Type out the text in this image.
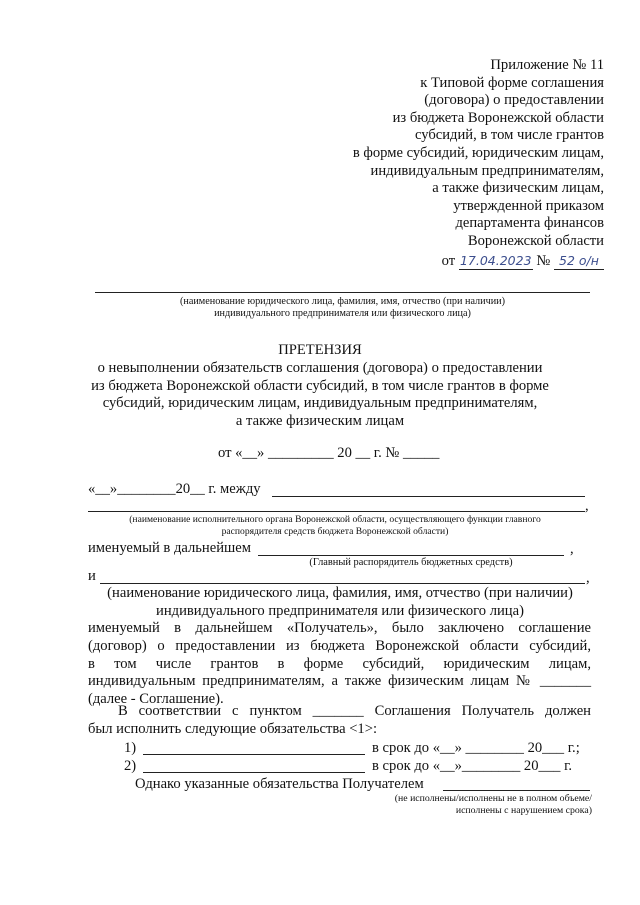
Приложение № 11
к Типовой форме соглашения
(договора) о предоставлении
из бюджета Воронежской области
субсидий, в том числе грантов
в форме субсидий, юридическим лицам,
индивидуальным предпринимателям,
а также физическим лицам,
утвержденной приказом
департамента финансов
Воронежской области
от 17.04.2023 № 52 о/н
(наименование юридического лица, фамилия, имя, отчество (при наличии)
индивидуального предпринимателя или физического лица)
ПРЕТЕНЗИЯ
о невыполнении обязательств соглашения (договора) о предоставлении
из бюджета Воронежской области субсидий, в том числе грантов в форме
субсидий, юридическим лицам, индивидуальным предпринимателям,
а также физическим лицам
от «__» _________ 20 __ г. № _____
«__»________20__ г. между
,
(наименование исполнительного органа Воронежской области, осуществляющего функции главного
распорядителя средств бюджета Воронежской области)
именуемый в дальнейшем	,
(Главный распорядитель бюджетных средств)
и	,
(наименование юридического лица, фамилия, имя, отчество (при наличии)
индивидуального предпринимателя или физического лица)
именуемый в дальнейшем «Получатель», было заключено соглашение
(договор) о предоставлении из бюджета Воронежской области субсидий,
в том числе грантов в форме субсидий, юридическим лицам,
индивидуальным предпринимателям, а также физическим лицам № _______
(далее - Соглашение).
В соответствии с пунктом _______ Соглашения Получатель должен
был исполнить следующие обязательства <1>:
1)	в срок до «__» ________ 20___ г.;
2)	в срок до «__»________ 20___ г.
Однако указанные обязательства Получателем
(не исполнены/исполнены не в полном объеме/
исполнены с нарушением срока)
